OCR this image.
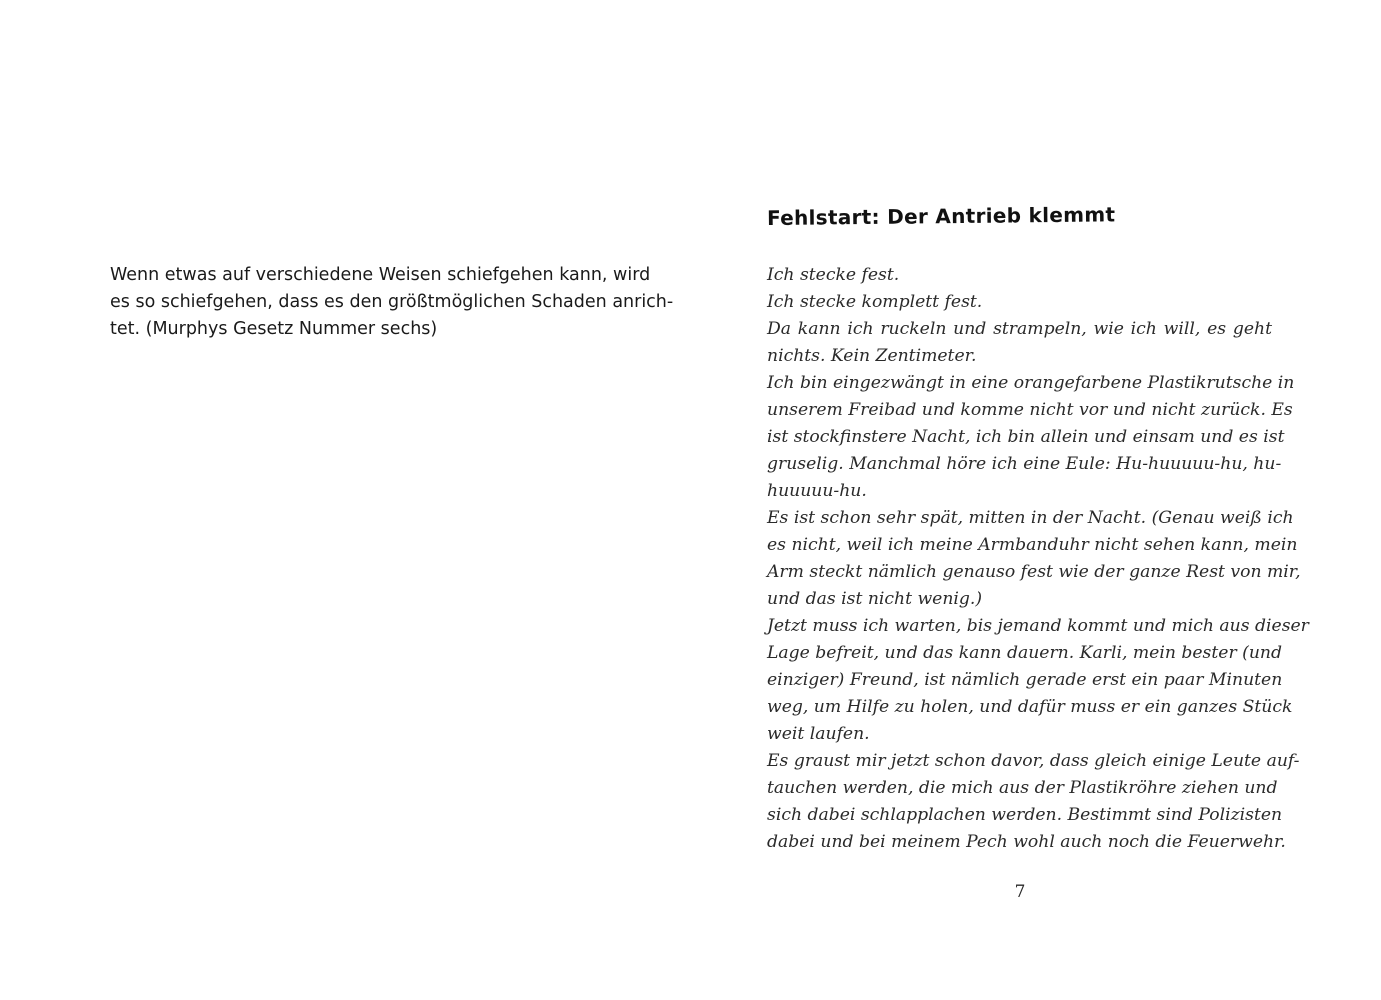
Wenn etwas auf verschiedene Weisen schiefgehen kann, wird
es so schiefgehen, dass es den größtmöglichen Schaden anrich-
tet. (Murphys Gesetz Nummer sechs)

Fehlstart: Der Antrieb klemmt

Ich stecke fest.
Ich stecke komplett fest.
Da kann ich ruckeln und strampeln, wie ich will, es geht
nichts. Kein Zentimeter.
Ich bin eingezwängt in eine orangefarbene Plastikrutsche in
unserem Freibad und komme nicht vor und nicht zurück. Es
ist stockfinstere Nacht, ich bin allein und einsam und es ist
gruselig. Manchmal höre ich eine Eule: Hu-huuuuu-hu, hu-
huuuuu-hu.
Es ist schon sehr spät, mitten in der Nacht. (Genau weiß ich
es nicht, weil ich meine Armbanduhr nicht sehen kann, mein
Arm steckt nämlich genauso fest wie der ganze Rest von mir,
und das ist nicht wenig.)
Jetzt muss ich warten, bis jemand kommt und mich aus dieser
Lage befreit, und das kann dauern. Karli, mein bester (und
einziger) Freund, ist nämlich gerade erst ein paar Minuten
weg, um Hilfe zu holen, und dafür muss er ein ganzes Stück
weit laufen.
Es graust mir jetzt schon davor, dass gleich einige Leute auf-
tauchen werden, die mich aus der Plastikröhre ziehen und
sich dabei schlapplachen werden. Bestimmt sind Polizisten
dabei und bei meinem Pech wohl auch noch die Feuerwehr.

7
